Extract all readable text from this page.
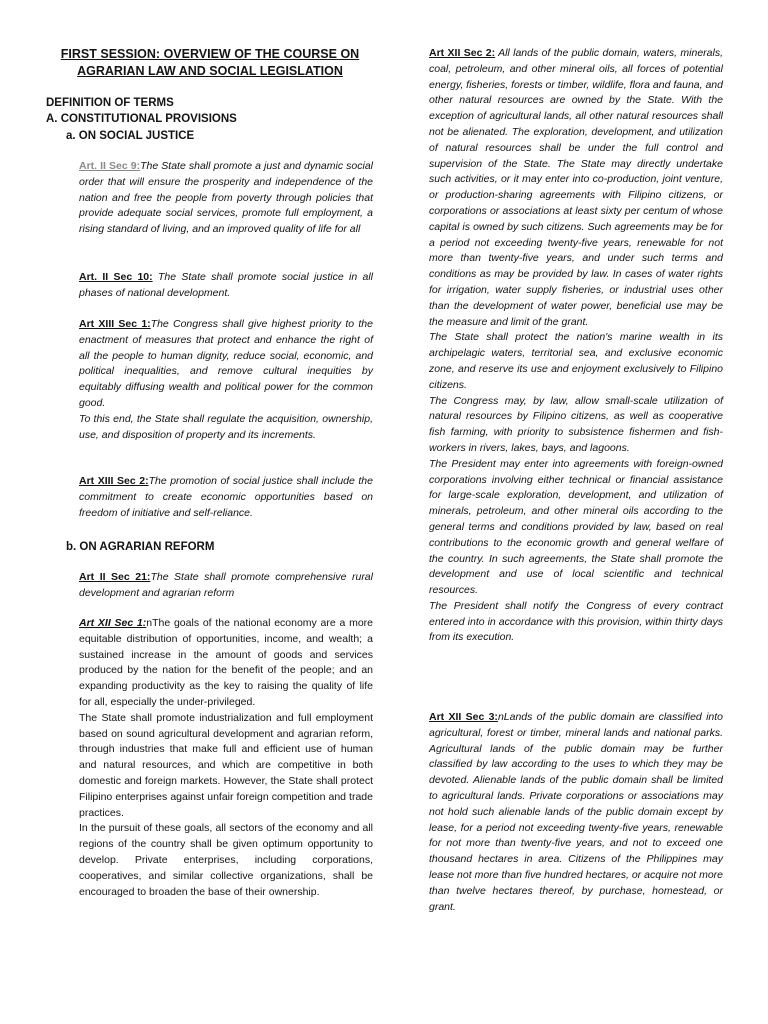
FIRST SESSION: OVERVIEW OF THE COURSE ON
AGRARIAN LAW AND SOCIAL LEGISLATION
DEFINITION OF TERMS
A. CONSTITUTIONAL PROVISIONS
a. ON SOCIAL JUSTICE
Art. II Sec 9:The State shall promote a just and dynamic social order that will ensure the prosperity and independence of the nation and free the people from poverty through policies that provide adequate social services, promote full employment, a rising standard of living, and an improved quality of life for all
Art. II Sec 10: The State shall promote social justice in all phases of national development.

Art XIII Sec 1:The Congress shall give highest priority to the enactment of measures that protect and enhance the right of all the people to human dignity, reduce social, economic, and political inequalities, and remove cultural inequities by equitably diffusing wealth and political power for the common good.

To this end, the State shall regulate the acquisition, ownership, use, and disposition of property and its increments.

Art XIII Sec 2:The promotion of social justice shall include the commitment to create economic opportunities based on freedom of initiative and self-reliance.
b. ON AGRARIAN REFORM
Art II Sec 21:The State shall promote comprehensive rural development and agrarian reform

Art XII Sec 1:nThe goals of the national economy are a more equitable distribution of opportunities, income, and wealth; a sustained increase in the amount of goods and services produced by the nation for the benefit of the people; and an expanding productivity as the key to raising the quality of life for all, especially the under-privileged.

The State shall promote industrialization and full employment based on sound agricultural development and agrarian reform, through industries that make full and efficient use of human and natural resources, and which are competitive in both domestic and foreign markets. However, the State shall protect Filipino enterprises against unfair foreign competition and trade practices.

In the pursuit of these goals, all sectors of the economy and all regions of the country shall be given optimum opportunity to develop. Private enterprises, including corporations, cooperatives, and similar collective organizations, shall be encouraged to broaden the base of their ownership.

Art XII Sec 2: All lands of the public domain, waters, minerals, coal, petroleum, and other mineral oils, all forces of potential energy, fisheries, forests or timber, wildlife, flora and fauna, and other natural resources are owned by the State. With the exception of agricultural lands, all other natural resources shall not be alienated. The exploration, development, and utilization of natural resources shall be under the full control and supervision of the State. The State may directly undertake such activities, or it may enter into co-production, joint venture, or production-sharing agreements with Filipino citizens, or corporations or associations at least sixty per centum of whose capital is owned by such citizens. Such agreements may be for a period not exceeding twenty-five years, renewable for not more than twenty-five years, and under such terms and conditions as may be provided by law. In cases of water rights for irrigation, water supply fisheries, or industrial uses other than the development of water power, beneficial use may be the measure and limit of the grant.

The State shall protect the nation's marine wealth in its archipelagic waters, territorial sea, and exclusive economic zone, and reserve its use and enjoyment exclusively to Filipino citizens.

The Congress may, by law, allow small-scale utilization of natural resources by Filipino citizens, as well as cooperative fish farming, with priority to subsistence fishermen and fish- workers in rivers, lakes, bays, and lagoons.

The President may enter into agreements with foreign-owned corporations involving either technical or financial assistance for large-scale exploration, development, and utilization of minerals, petroleum, and other mineral oils according to the general terms and conditions provided by law, based on real contributions to the economic growth and general welfare of the country. In such agreements, the State shall promote the development and use of local scientific and technical resources.

The President shall notify the Congress of every contract entered into in accordance with this provision, within thirty days from its execution.

Art XII Sec 3:nLands of the public domain are classified into agricultural, forest or timber, mineral lands and national parks. Agricultural lands of the public domain may be further classified by law according to the uses to which they may be devoted. Alienable lands of the public domain shall be limited to agricultural lands. Private corporations or associations may not hold such alienable lands of the public domain except by lease, for a period not exceeding twenty-five years, renewable for not more than twenty-five years, and not to exceed one thousand hectares in area. Citizens of the Philippines may lease not more than five hundred hectares, or acquire not more than twelve hectares thereof, by purchase, homestead, or grant.
